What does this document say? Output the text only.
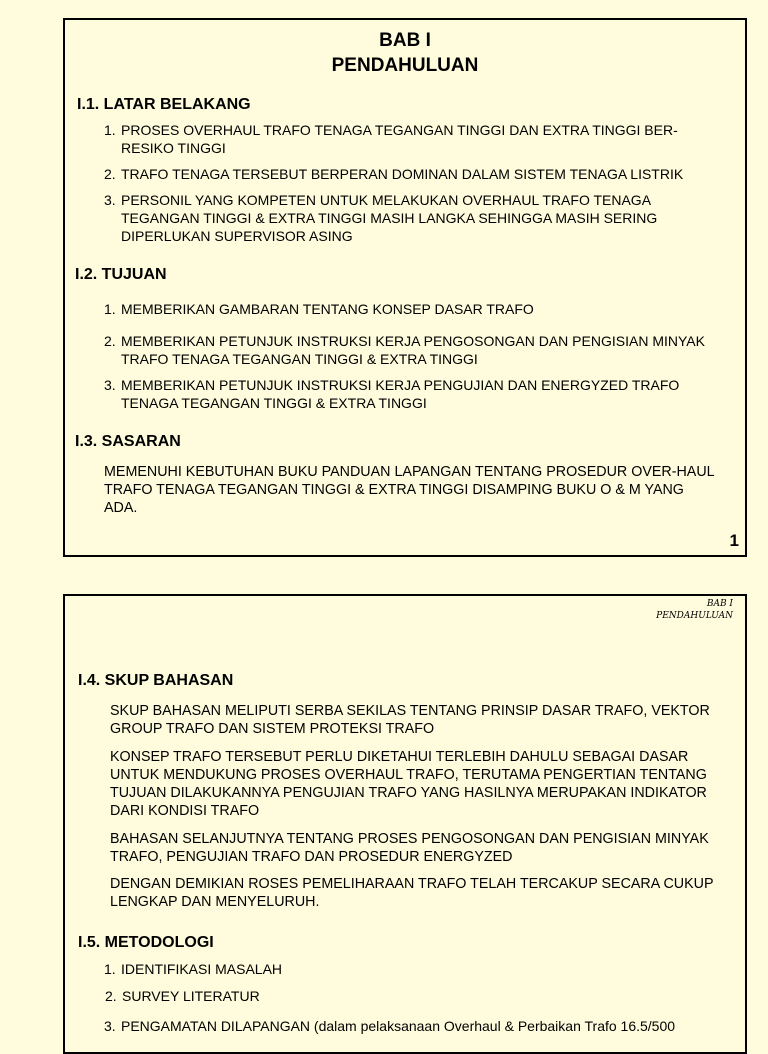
BAB I
PENDAHULUAN
I.1. LATAR BELAKANG
1. PROSES OVERHAUL TRAFO TENAGA TEGANGAN TINGGI DAN EXTRA TINGGI BER-RESIKO TINGGI
2. TRAFO TENAGA TERSEBUT BERPERAN DOMINAN DALAM SISTEM TENAGA LISTRIK
3. PERSONIL YANG KOMPETEN UNTUK MELAKUKAN OVERHAUL TRAFO TENAGA TEGANGAN TINGGI & EXTRA TINGGI MASIH LANGKA SEHINGGA MASIH SERING DIPERLUKAN SUPERVISOR ASING
I.2. TUJUAN
1. MEMBERIKAN GAMBARAN TENTANG KONSEP DASAR TRAFO
2. MEMBERIKAN PETUNJUK INSTRUKSI KERJA PENGOSONGAN DAN PENGISIAN MINYAK TRAFO TENAGA TEGANGAN TINGGI & EXTRA TINGGI
3. MEMBERIKAN PETUNJUK INSTRUKSI KERJA PENGUJIAN DAN ENERGYZED TRAFO TENAGA TEGANGAN TINGGI & EXTRA TINGGI
I.3. SASARAN
MEMENUHI KEBUTUHAN BUKU PANDUAN LAPANGAN TENTANG PROSEDUR OVER-HAUL TRAFO TENAGA TEGANGAN TINGGI & EXTRA TINGGI DISAMPING BUKU O & M YANG ADA.
1
BAB I
PENDAHULUAN
I.4. SKUP BAHASAN
SKUP BAHASAN MELIPUTI SERBA SEKILAS TENTANG PRINSIP DASAR TRAFO, VEKTOR GROUP TRAFO DAN SISTEM PROTEKSI TRAFO
KONSEP TRAFO TERSEBUT PERLU DIKETAHUI TERLEBIH DAHULU SEBAGAI DASAR UNTUK MENDUKUNG PROSES OVERHAUL TRAFO, TERUTAMA PENGERTIAN TENTANG TUJUAN DILAKUKANNYA PENGUJIAN TRAFO YANG HASILNYA MERUPAKAN INDIKATOR DARI KONDISI TRAFO
BAHASAN SELANJUTNYA TENTANG PROSES PENGOSONGAN DAN PENGISIAN MINYAK TRAFO, PENGUJIAN TRAFO DAN PROSEDUR ENERGYZED
DENGAN DEMIKIAN ROSES PEMELIHARAAN TRAFO TELAH TERCAKUP SECARA CUKUP LENGKAP DAN MENYELURUH.
I.5. METODOLOGI
1. IDENTIFIKASI MASALAH
2. SURVEY LITERATUR
3. PENGAMATAN DILAPANGAN (dalam pelaksanaan Overhaul & Perbaikan Trafo 16.5/500
